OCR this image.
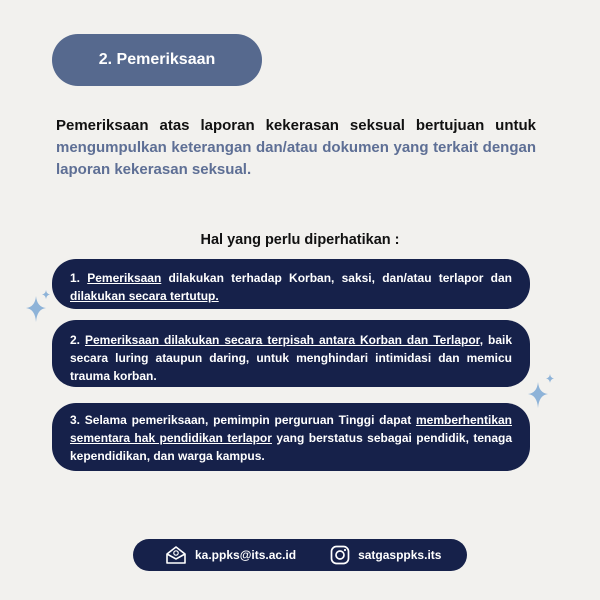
2. Pemeriksaan
Pemeriksaan atas laporan kekerasan seksual bertujuan untuk mengumpulkan keterangan dan/atau dokumen yang terkait dengan laporan kekerasan seksual.
Hal yang perlu diperhatikan :
1. Pemeriksaan dilakukan terhadap Korban, saksi, dan/atau terlapor dan dilakukan secara tertutup.
2. Pemeriksaan dilakukan secara terpisah antara Korban dan Terlapor, baik secara luring ataupun daring, untuk menghindari intimidasi dan memicu trauma korban.
3. Selama pemeriksaan, pemimpin perguruan Tinggi dapat memberhentikan sementara hak pendidikan terlapor yang berstatus sebagai pendidik, tenaga kependidikan, dan warga kampus.
ka.ppks@its.ac.id	satgasppks.its
